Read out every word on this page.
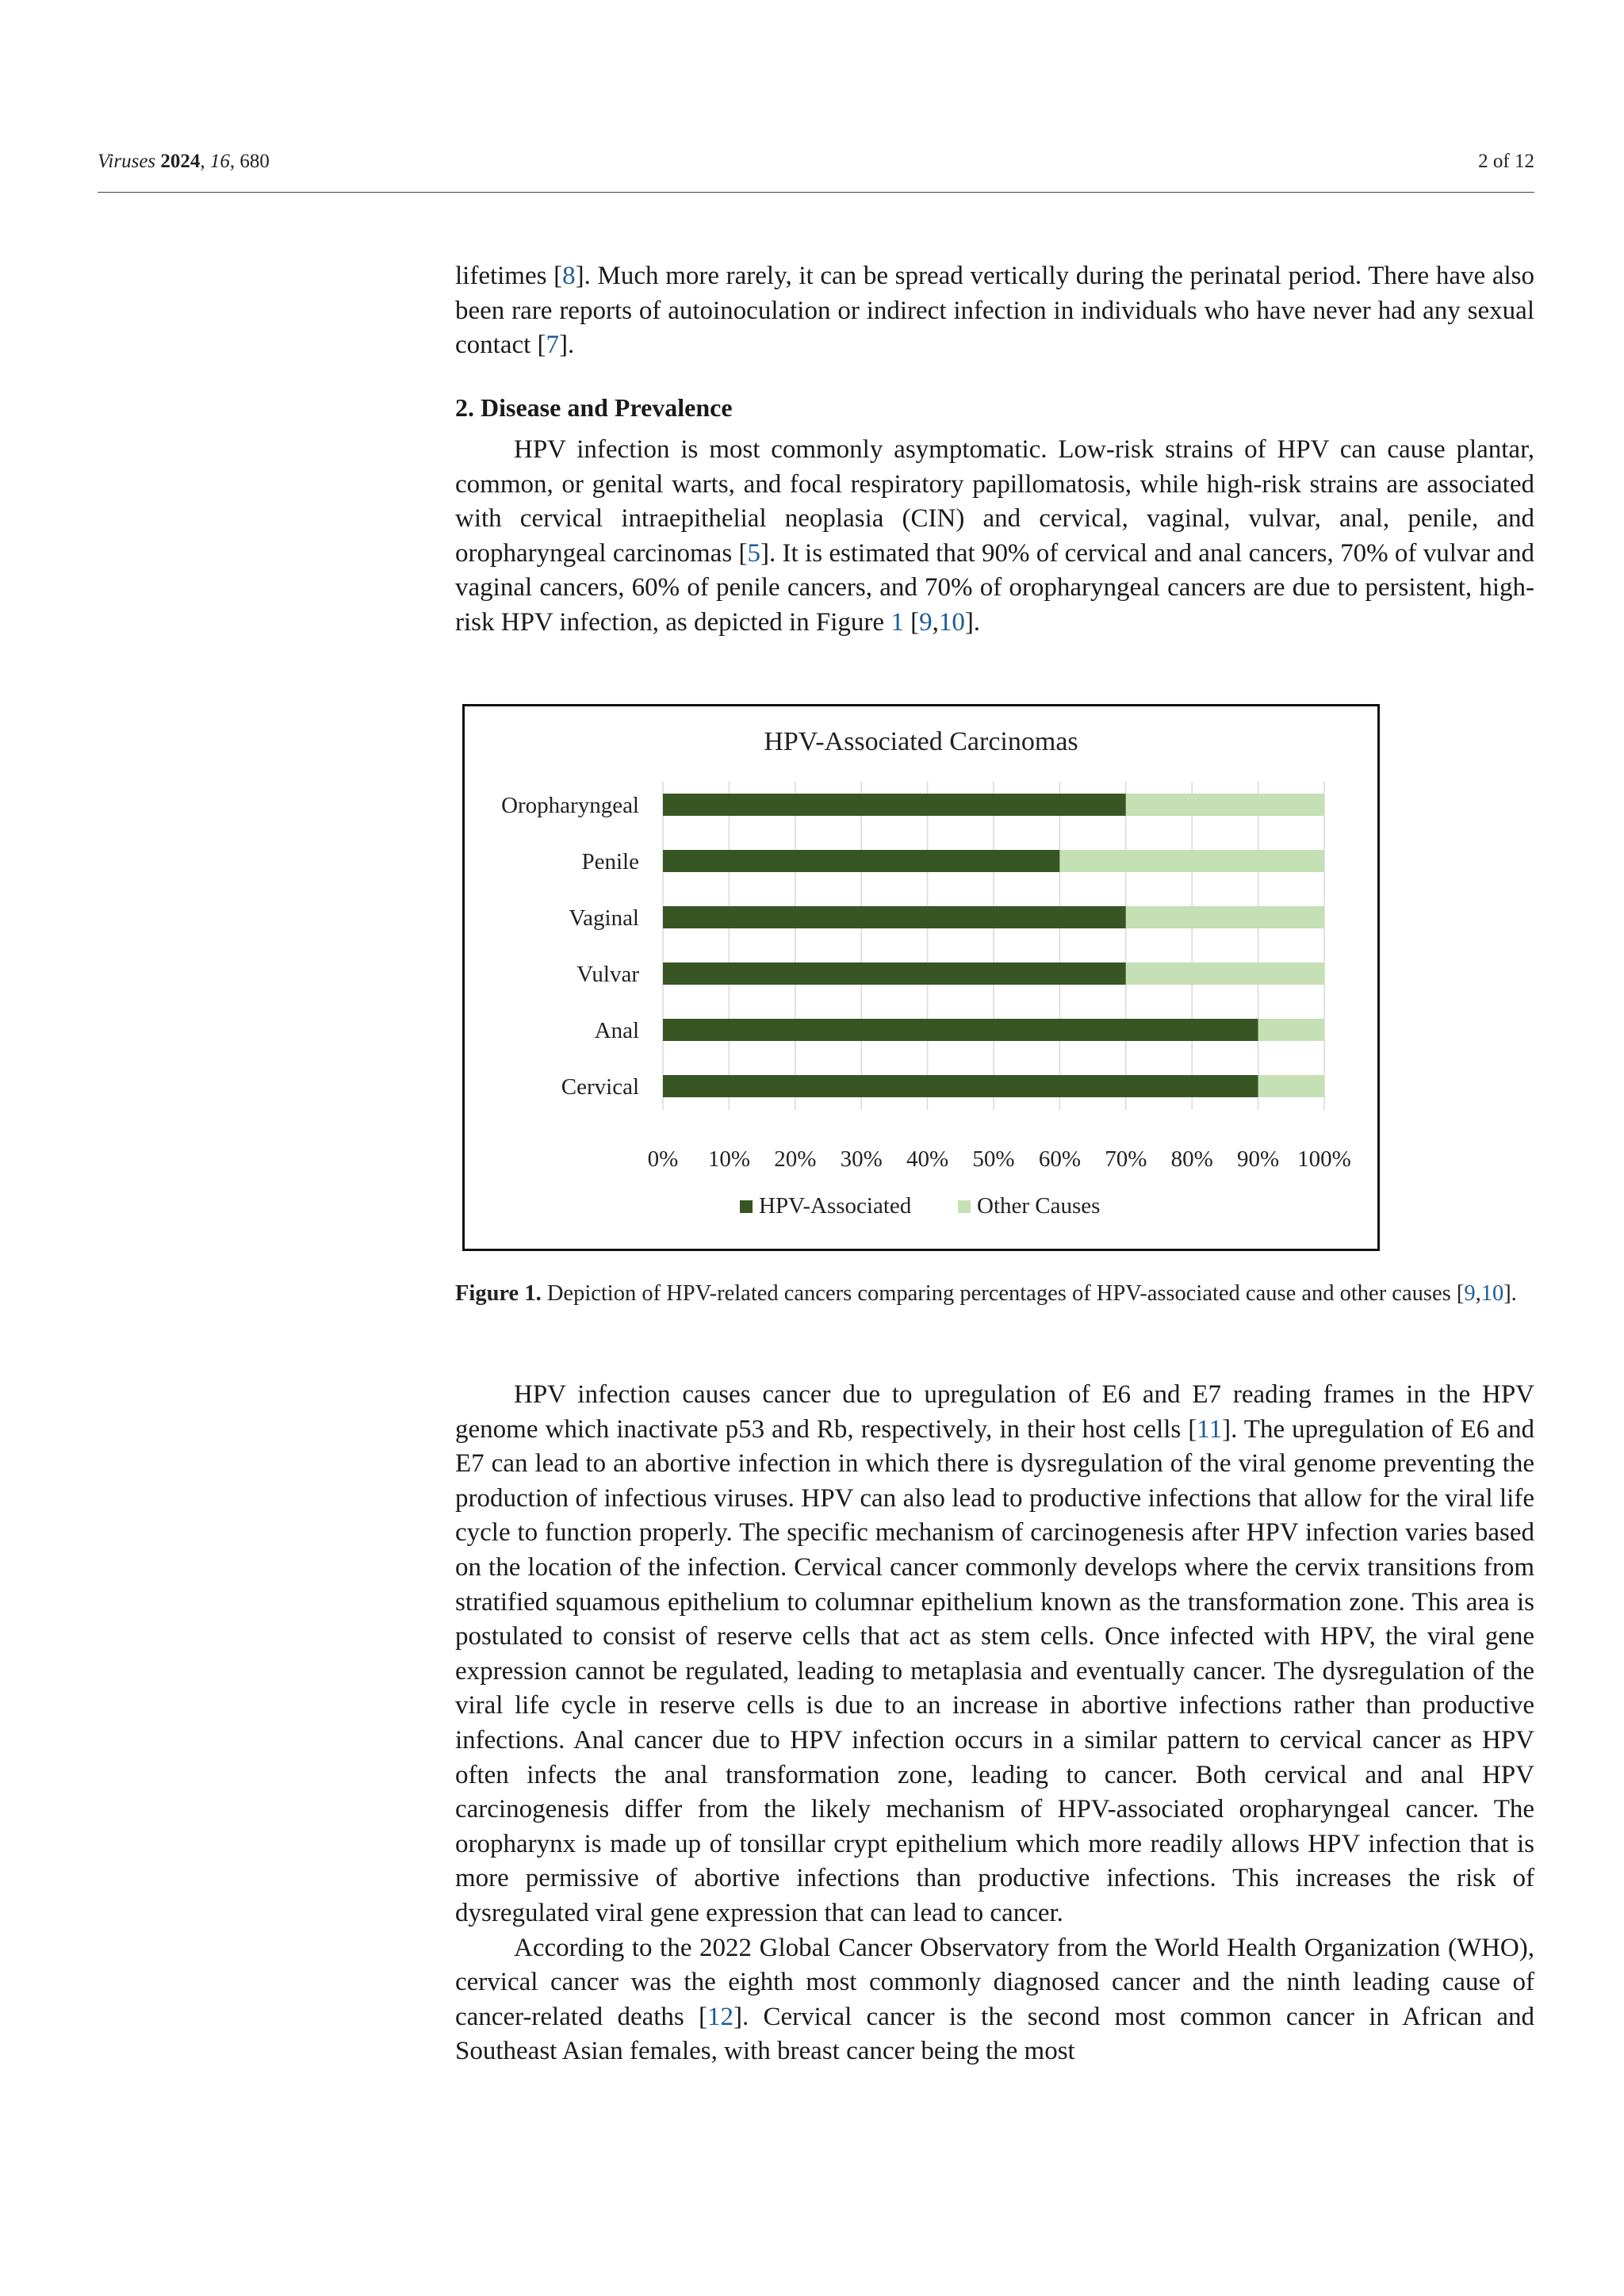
Viruses 2024, 16, 680	2 of 12

lifetimes [8]. Much more rarely, it can be spread vertically during the perinatal period. There have also been rare reports of autoinoculation or indirect infection in individuals who have never had any sexual contact [7].

2. Disease and Prevalence

HPV infection is most commonly asymptomatic. Low-risk strains of HPV can cause plantar, common, or genital warts, and focal respiratory papillomatosis, while high-risk strains are associated with cervical intraepithelial neoplasia (CIN) and cervical, vaginal, vulvar, anal, penile, and oropharyngeal carcinomas [5]. It is estimated that 90% of cervical and anal cancers, 70% of vulvar and vaginal cancers, 60% of penile cancers, and 70% of oropharyngeal cancers are due to persistent, high-risk HPV infection, as depicted in Figure 1 [9,10].

HPV-Associated Carcinomas
0% 10% 20% 30% 40% 50% 60% 70% 80% 90% 100%
Oropharyngeal
Penile
Vaginal
Vulvar
Anal
Cervical
HPV-Associated	Other Causes
Figure 1. Depiction of HPV-related cancers comparing percentages of HPV-associated cause and other causes [9,10].

HPV infection causes cancer due to upregulation of E6 and E7 reading frames in the HPV genome which inactivate p53 and Rb, respectively, in their host cells [11]. The upregulation of E6 and E7 can lead to an abortive infection in which there is dysregulation of the viral genome preventing the production of infectious viruses. HPV can also lead to productive infections that allow for the viral life cycle to function properly. The specific mechanism of carcinogenesis after HPV infection varies based on the location of the infection. Cervical cancer commonly develops where the cervix transitions from stratified squamous epithelium to columnar epithelium known as the transformation zone. This area is postulated to consist of reserve cells that act as stem cells. Once infected with HPV, the viral gene expression cannot be regulated, leading to metaplasia and eventually cancer. The dysregulation of the viral life cycle in reserve cells is due to an increase in abortive infections rather than productive infections. Anal cancer due to HPV infection occurs in a similar pattern to cervical cancer as HPV often infects the anal transformation zone, leading to cancer. Both cervical and anal HPV carcinogenesis differ from the likely mechanism of HPV-associated oropharyngeal cancer. The oropharynx is made up of tonsillar crypt epithelium which more readily allows HPV infection that is more permissive of abortive infections than productive infections. This increases the risk of dysregulated viral gene expression that can lead to cancer.

According to the 2022 Global Cancer Observatory from the World Health Organization (WHO), cervical cancer was the eighth most commonly diagnosed cancer and the ninth leading cause of cancer-related deaths [12]. Cervical cancer is the second most common cancer in African and Southeast Asian females, with breast cancer being the most
